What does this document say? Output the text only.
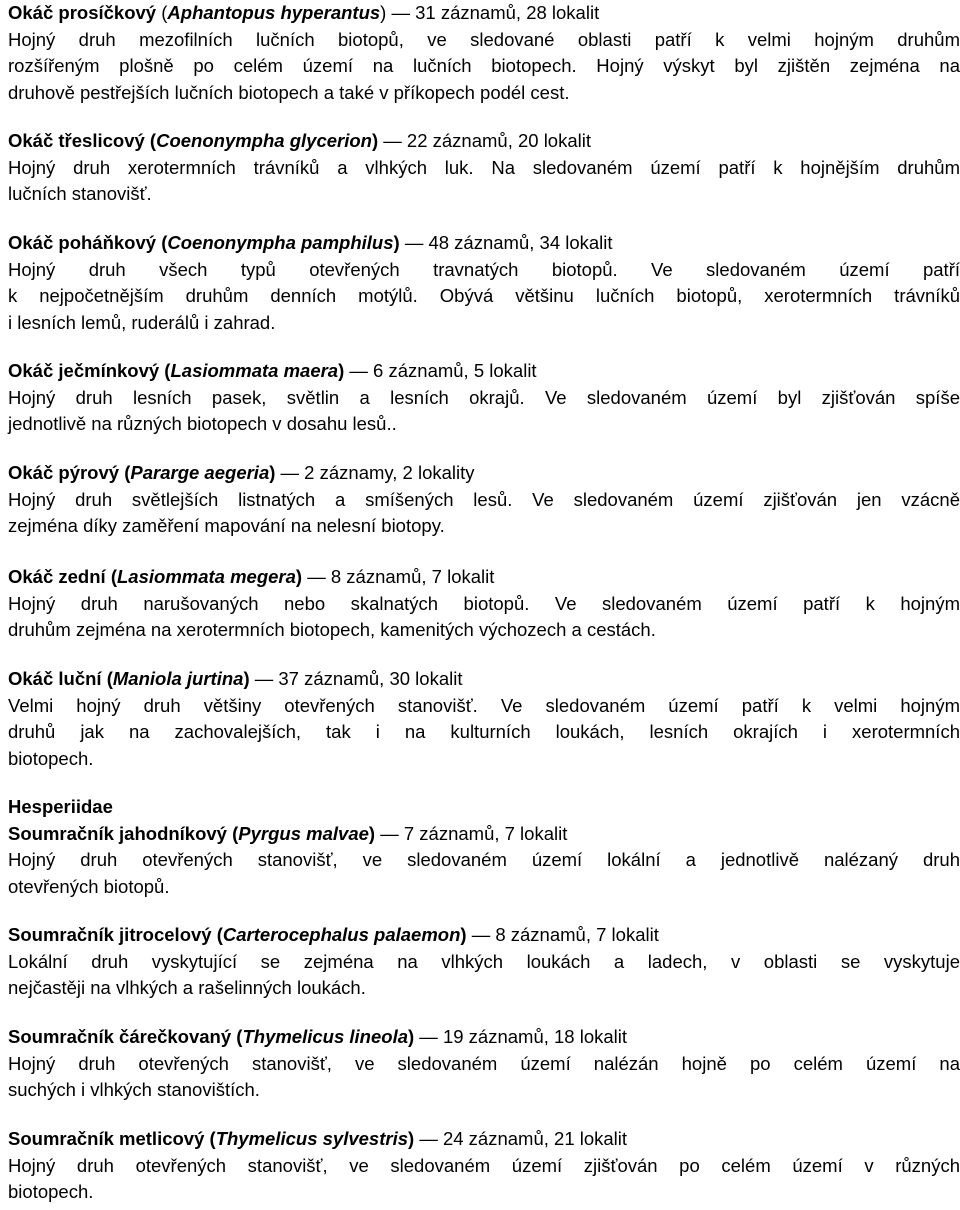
Okáč prosíčkový (Aphantopus hyperantus) — 31 záznamů, 28 lokalit
Hojný druh mezofilních lučních biotopů, ve sledované oblasti patří k velmi hojným druhům
rozšířeným plošně po celém území na lučních biotopech. Hojný výskyt byl zjištěn zejména na
druhově pestřejších lučních biotopech a také v příkopech podél cest.
Okáč třeslicový (Coenonympha glycerion) — 22 záznamů, 20 lokalit
Hojný druh xerotermních trávníků a vlhkých luk. Na sledovaném území patří k hojnějším druhům
lučních stanovišť.
Okáč poháňkový (Coenonympha pamphilus) — 48 záznamů, 34 lokalit
Hojný druh všech typů otevřených travnatých biotopů. Ve sledovaném území patří
k nejpočetnějším druhům denních motýlů. Obývá většinu lučních biotopů, xerotermních trávníků
i lesních lemů, ruderálů i zahrad.
Okáč ječmínkový (Lasiommata maera) — 6 záznamů, 5 lokalit
Hojný druh lesních pasek, světlin a lesních okrajů. Ve sledovaném území byl zjišťován spíše
jednotlivě na různých biotopech v dosahu lesů..
Okáč pýrový (Pararge aegeria) — 2 záznamy, 2 lokality
Hojný druh světlejších listnatých a smíšených lesů. Ve sledovaném území zjišťován jen vzácně
zejména díky zaměření mapování na nelesní biotopy.
Okáč zední (Lasiommata megera) — 8 záznamů, 7 lokalit
Hojný druh narušovaných nebo skalnatých biotopů. Ve sledovaném území patří k hojným
druhům zejména na xerotermních biotopech, kamenitých výchozech a cestách.
Okáč luční (Maniola jurtina) — 37 záznamů, 30 lokalit
Velmi hojný druh většiny otevřených stanovišť. Ve sledovaném území patří k velmi hojným
druhů jak na zachovalejších, tak i na kulturních loukách, lesních okrajích i xerotermních
biotopech.
Hesperiidae
Soumračník jahodníkový (Pyrgus malvae) — 7 záznamů, 7 lokalit
Hojný druh otevřených stanovišť, ve sledovaném území lokální a jednotlivě nalézaný druh
otevřených biotopů.
Soumračník jitrocelový (Carterocephalus palaemon) — 8 záznamů, 7 lokalit
Lokální druh vyskytující se zejména na vlhkých loukách a ladech, v oblasti se vyskytuje
nejčastěji na vlhkých a rašelinných loukách.
Soumračník čárečkovaný (Thymelicus lineola) — 19 záznamů, 18 lokalit
Hojný druh otevřených stanovišť, ve sledovaném území nalézán hojně po celém území na
suchých i vlhkých stanovištích.
Soumračník metlicový (Thymelicus sylvestris) — 24 záznamů, 21 lokalit
Hojný druh otevřených stanovišť, ve sledovaném území zjišťován po celém území v různých
biotopech.
